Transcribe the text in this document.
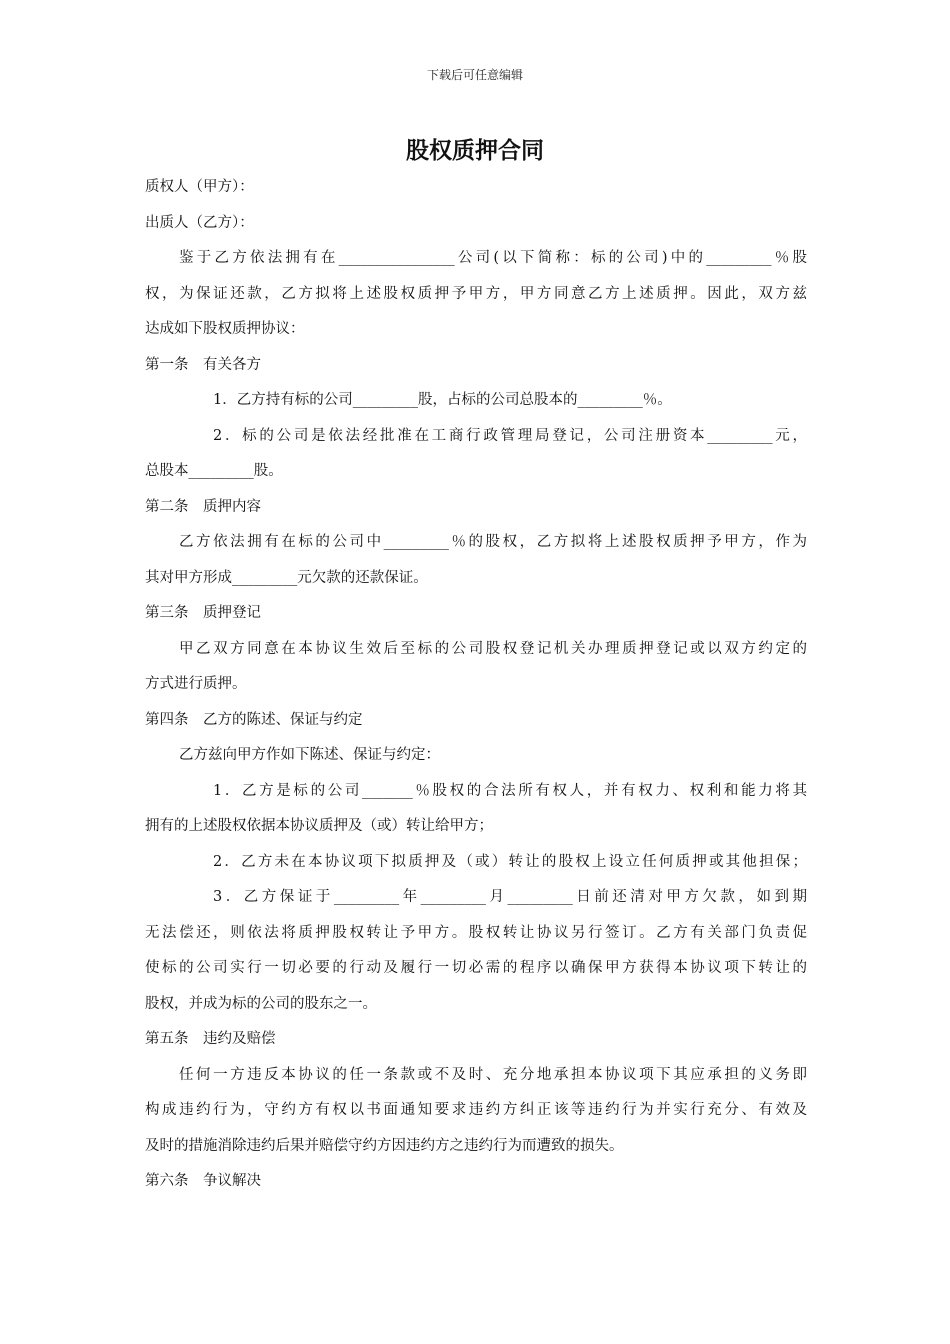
下载后可任意编辑
股权质押合同

质权人（甲方）：

出质人（乙方）：

鉴于乙方依法拥有在________________公司(以下简称：标的公司)中的_________％股

权，为保证还款，乙方拟将上述股权质押予甲方，甲方同意乙方上述质押。因此，双方兹

达成如下股权质押协议：

第一条　有关各方

1．乙方持有标的公司_________股，占标的公司总股本的_________％。

2．标的公司是依法经批准在工商行政管理局登记，公司注册资本_________元，

总股本_________股。

第二条　质押内容

乙方依法拥有在标的公司中_________％的股权，乙方拟将上述股权质押予甲方，作为

其对甲方形成_________元欠款的还款保证。

第三条　质押登记

甲乙双方同意在本协议生效后至标的公司股权登记机关办理质押登记或以双方约定的

方式进行质押。

第四条　乙方的陈述、保证与约定

乙方兹向甲方作如下陈述、保证与约定：

1．乙方是标的公司_______％股权的合法所有权人，并有权力、权利和能力将其

拥有的上述股权依据本协议质押及（或）转让给甲方；

2．乙方未在本协议项下拟质押及（或）转让的股权上设立任何质押或其他担保；

3．乙方保证于_________年_________月_________日前还清对甲方欠款，如到期

无法偿还，则依法将质押股权转让予甲方。股权转让协议另行签订。乙方有关部门负责促

使标的公司实行一切必要的行动及履行一切必需的程序以确保甲方获得本协议项下转让的

股权，并成为标的公司的股东之一。

第五条　违约及赔偿

任何一方违反本协议的任一条款或不及时、充分地承担本协议项下其应承担的义务即

构成违约行为，守约方有权以书面通知要求违约方纠正该等违约行为并实行充分、有效及

及时的措施消除违约后果并赔偿守约方因违约方之违约行为而遭致的损失。

第六条　争议解决
